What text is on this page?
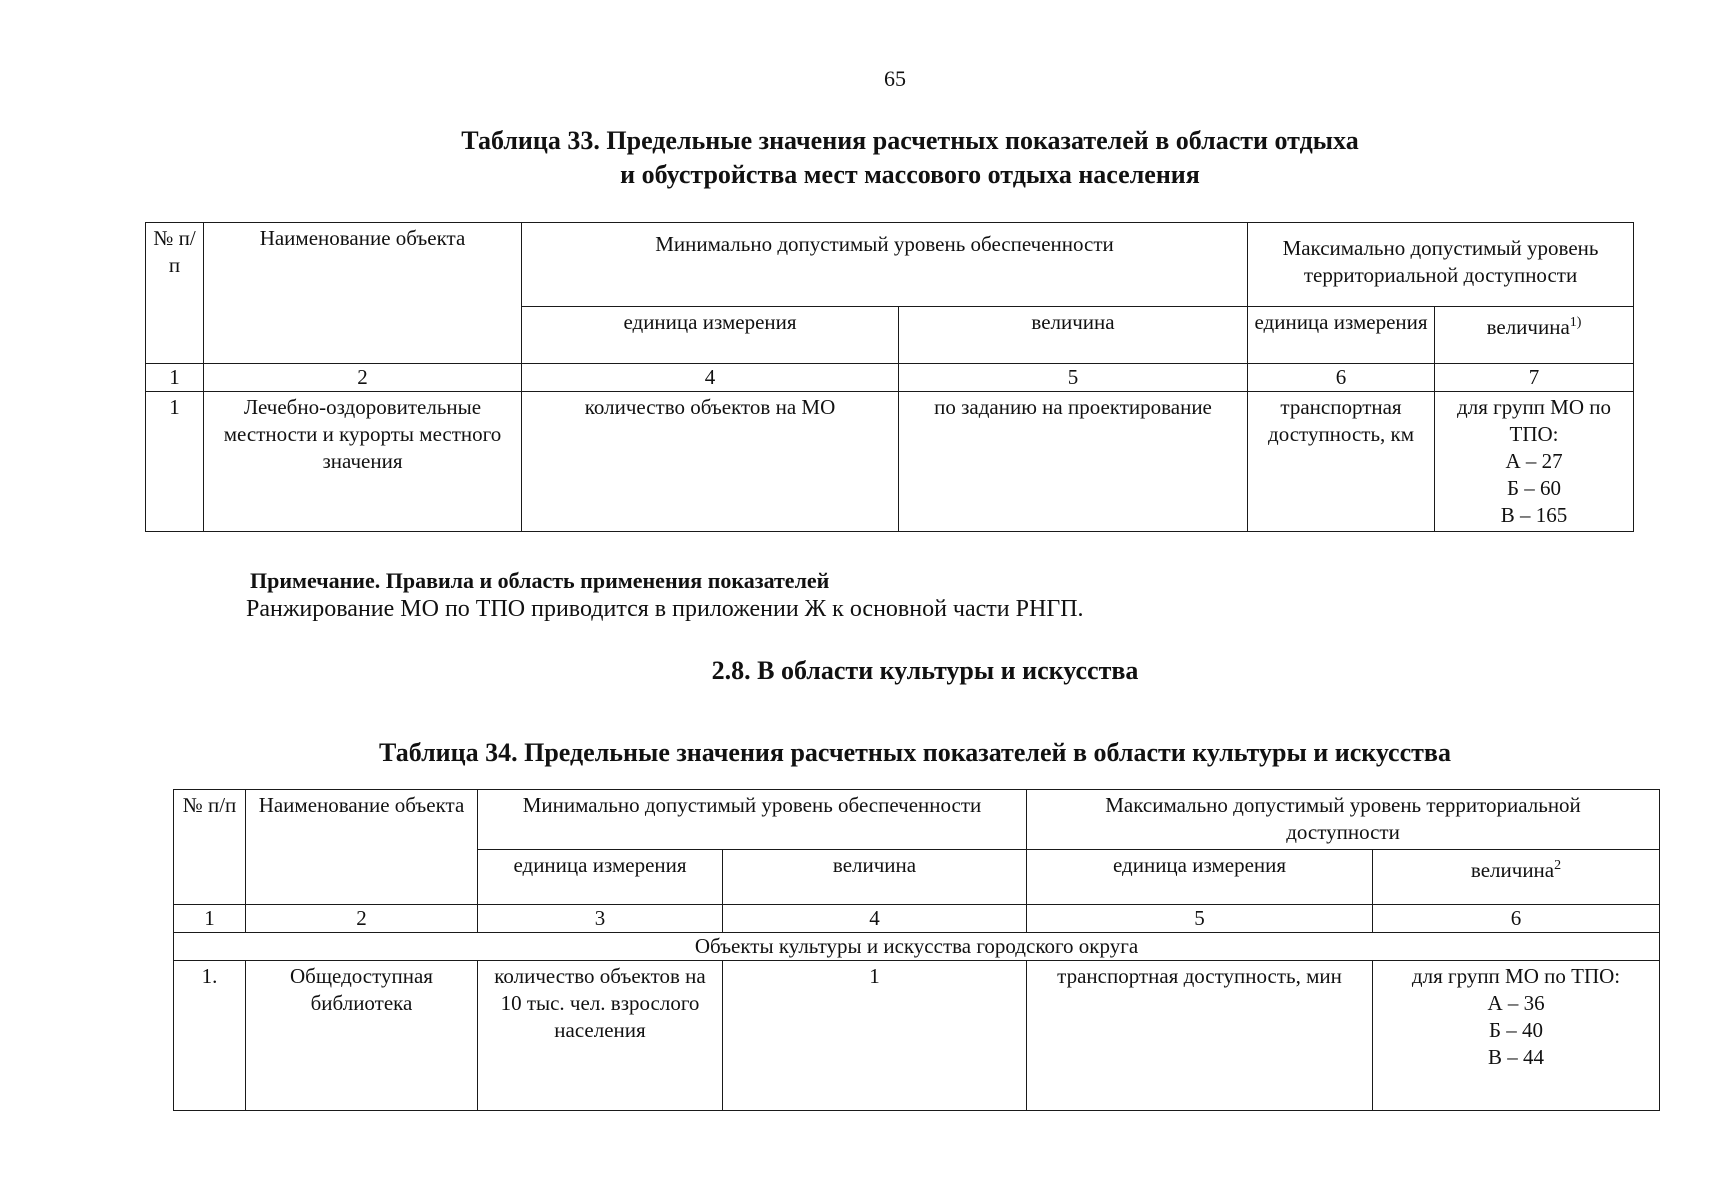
65
Таблица 33. Предельные значения расчетных показателей в области отдыха
и обустройства мест массового отдыха населения
№ п/п	Наименование объекта	Минимально допустимый уровень обеспеченности		Максимально допустимый уровень территориальной доступности	
		единица измерения	величина	единица измерения	величина$^{1)}$
1	2	4	5	6	7
1	Лечебно-оздоровительные местности и курорты местного значения	количество объектов на МО	по заданию на проектирование	транспортная доступность, км	для групп МО по ТПО:
А – 27
Б – 60
В – 165
Примечание. Правила и область применения показателей
Ранжирование МО по ТПО приводится в приложении Ж к основной части РНГП.
2.8. В области культуры и искусства
Таблица 34. Предельные значения расчетных показателей в области культуры и искусства
№ п/п	Наименование объекта	Минимально допустимый уровень обеспеченности		Максимально допустимый уровень территориальной доступности	
		единица измерения	величина	единица измерения	величина$^2$
1	2	3	4	5	6
Объекты культуры и искусства городского округа					
1.	Общедоступная библиотека	количество объектов на 10 тыс. чел. взрослого населения	1	транспортная доступность, мин	для групп МО по ТПО:
А – 36
Б – 40
В – 44
